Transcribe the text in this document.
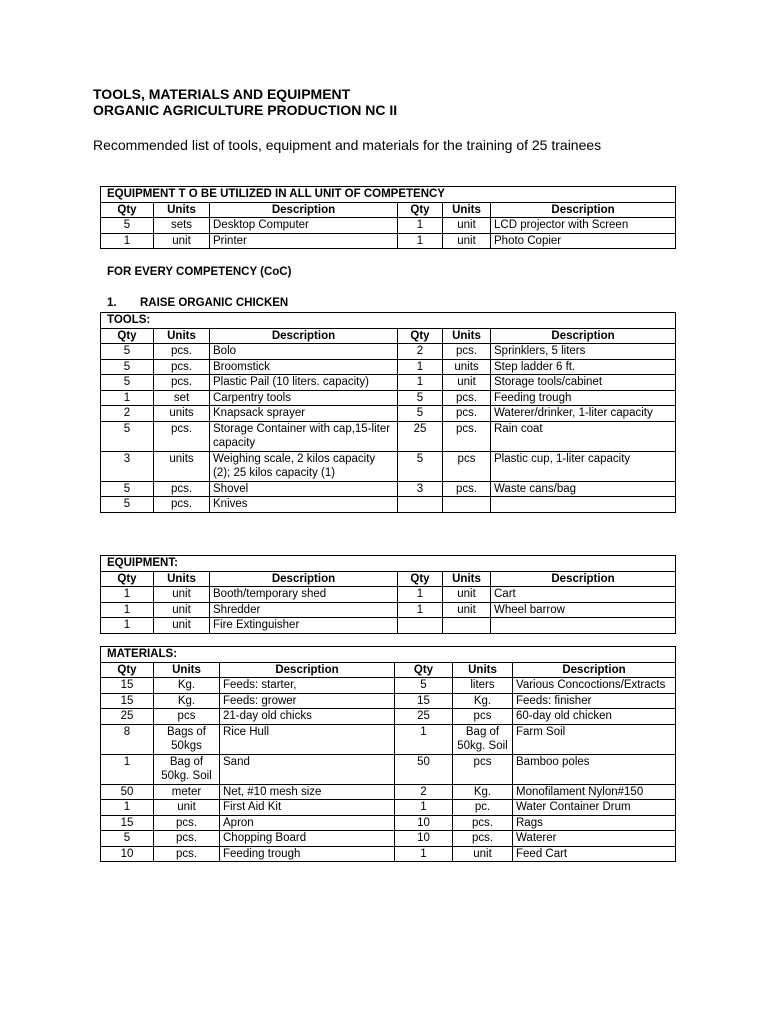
TOOLS, MATERIALS AND EQUIPMENT
ORGANIC AGRICULTURE PRODUCTION NC II
Recommended list of tools, equipment and materials for the training of 25 trainees
EQUIPMENT T O BE UTILIZED IN ALL UNIT OF COMPETENCY					
Qty	Units	Description	Qty	Units	Description
5	sets	Desktop Computer	1	unit	LCD projector with Screen
1	unit	Printer	1	unit	Photo Copier
FOR EVERY COMPETENCY (CoC)
1. RAISE ORGANIC CHICKEN
TOOLS:					
Qty	Units	Description	Qty	Units	Description
5	pcs.	Bolo	2	pcs.	Sprinklers, 5 liters
5	pcs.	Broomstick	1	units	Step ladder 6 ft.
5	pcs.	Plastic Pail (10 liters. capacity)	1	unit	Storage tools/cabinet
1	set	Carpentry tools	5	pcs.	Feeding trough
2	units	Knapsack sprayer	5	pcs.	Waterer/drinker, 1-liter capacity
5	pcs.	Storage Container with cap,15-liter capacity	25	pcs.	Rain coat
3	units	Weighing scale, 2 kilos capacity (2); 25 kilos capacity (1)	5	pcs	Plastic cup, 1-liter capacity
5	pcs.	Shovel	3	pcs.	Waste cans/bag
5	pcs.	Knives			
EQUIPMENT:					
Qty	Units	Description	Qty	Units	Description
1	unit	Booth/temporary shed	1	unit	Cart
1	unit	Shredder	1	unit	Wheel barrow
1	unit	Fire Extinguisher			
MATERIALS:					
Qty	Units	Description	Qty	Units	Description
15	Kg.	Feeds: starter,	5	liters	Various Concoctions/Extracts
15	Kg.	Feeds: grower	15	Kg.	Feeds: finisher
25	pcs	21-day old chicks	25	pcs	60-day old chicken
8	Bags of 50kgs	Rice Hull	1	Bag of 50kg. Soil	Farm Soil
1	Bag of 50kg. Soil	Sand	50	pcs	Bamboo poles
50	meter	Net, #10 mesh size	2	Kg.	Monofilament Nylon#150
1	unit	First Aid Kit	1	pc.	Water Container Drum
15	pcs.	Apron	10	pcs.	Rags
5	pcs.	Chopping Board	10	pcs.	Waterer
10	pcs.	Feeding trough	1	unit	Feed Cart
